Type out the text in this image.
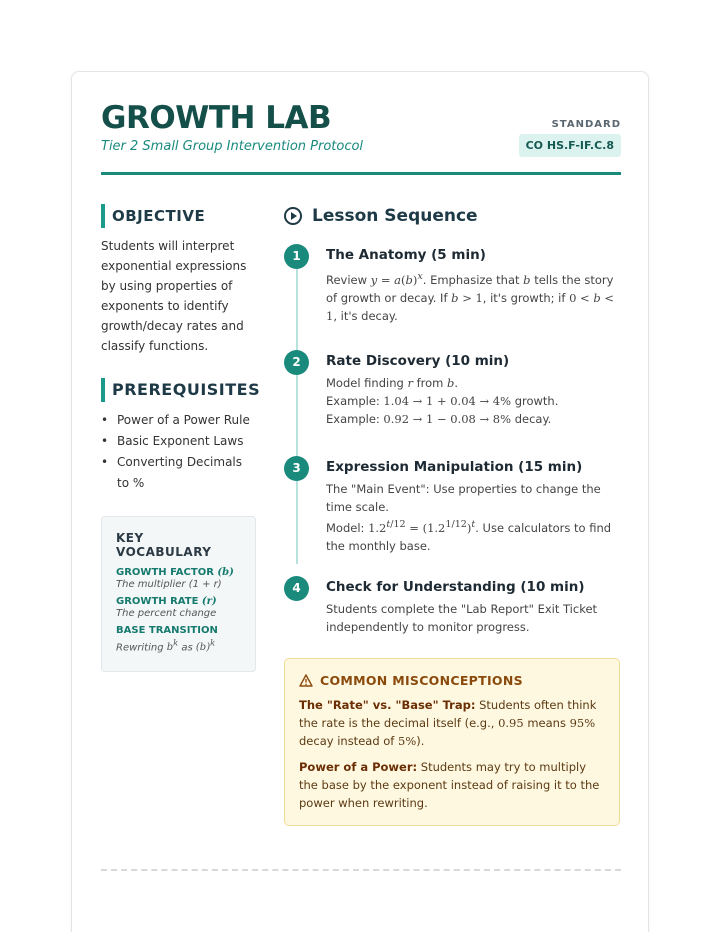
GROWTH LAB
Tier 2 Small Group Intervention Protocol
STANDARD
CO HS.F-IF.C.8
OBJECTIVE
Students will interpret exponential expressions by using properties of exponents to identify growth/decay rates and classify functions.
PREREQUISITES
• Power of a Power Rule
• Basic Exponent Laws
• Converting Decimals to %
KEY VOCABULARY
GROWTH FACTOR (b)
The multiplier (1 + r)
GROWTH RATE (r)
The percent change
BASE TRANSITION
Rewriting $b^k$ as $(b)^k$
Lesson Sequence
1	The Anatomy (5 min)
Review $y = a(b)^x$. Emphasize that b tells the story of growth or decay. If b > 1, it's growth; if 0 < b < 1, it's decay.
2	Rate Discovery (10 min)
Model finding r from b.
Example: 1.04 → 1 + 0.04 → 4% growth.
Example: 0.92 → 1 − 0.08 → 8% decay.
3	Expression Manipulation (15 min)
The "Main Event": Use properties to change the time scale.
Model: $1.2^{t/12} = (1.2^{1/12})^t$. Use calculators to find the monthly base.
4	Check for Understanding (10 min)
Students complete the "Lab Report" Exit Ticket independently to monitor progress.
COMMON MISCONCEPTIONS

The "Rate" vs. "Base" Trap: Students often think the rate is the decimal itself (e.g., 0.95 means 95% decay instead of 5%).

Power of a Power: Students may try to multiply the base by the exponent instead of raising it to the power when rewriting.
